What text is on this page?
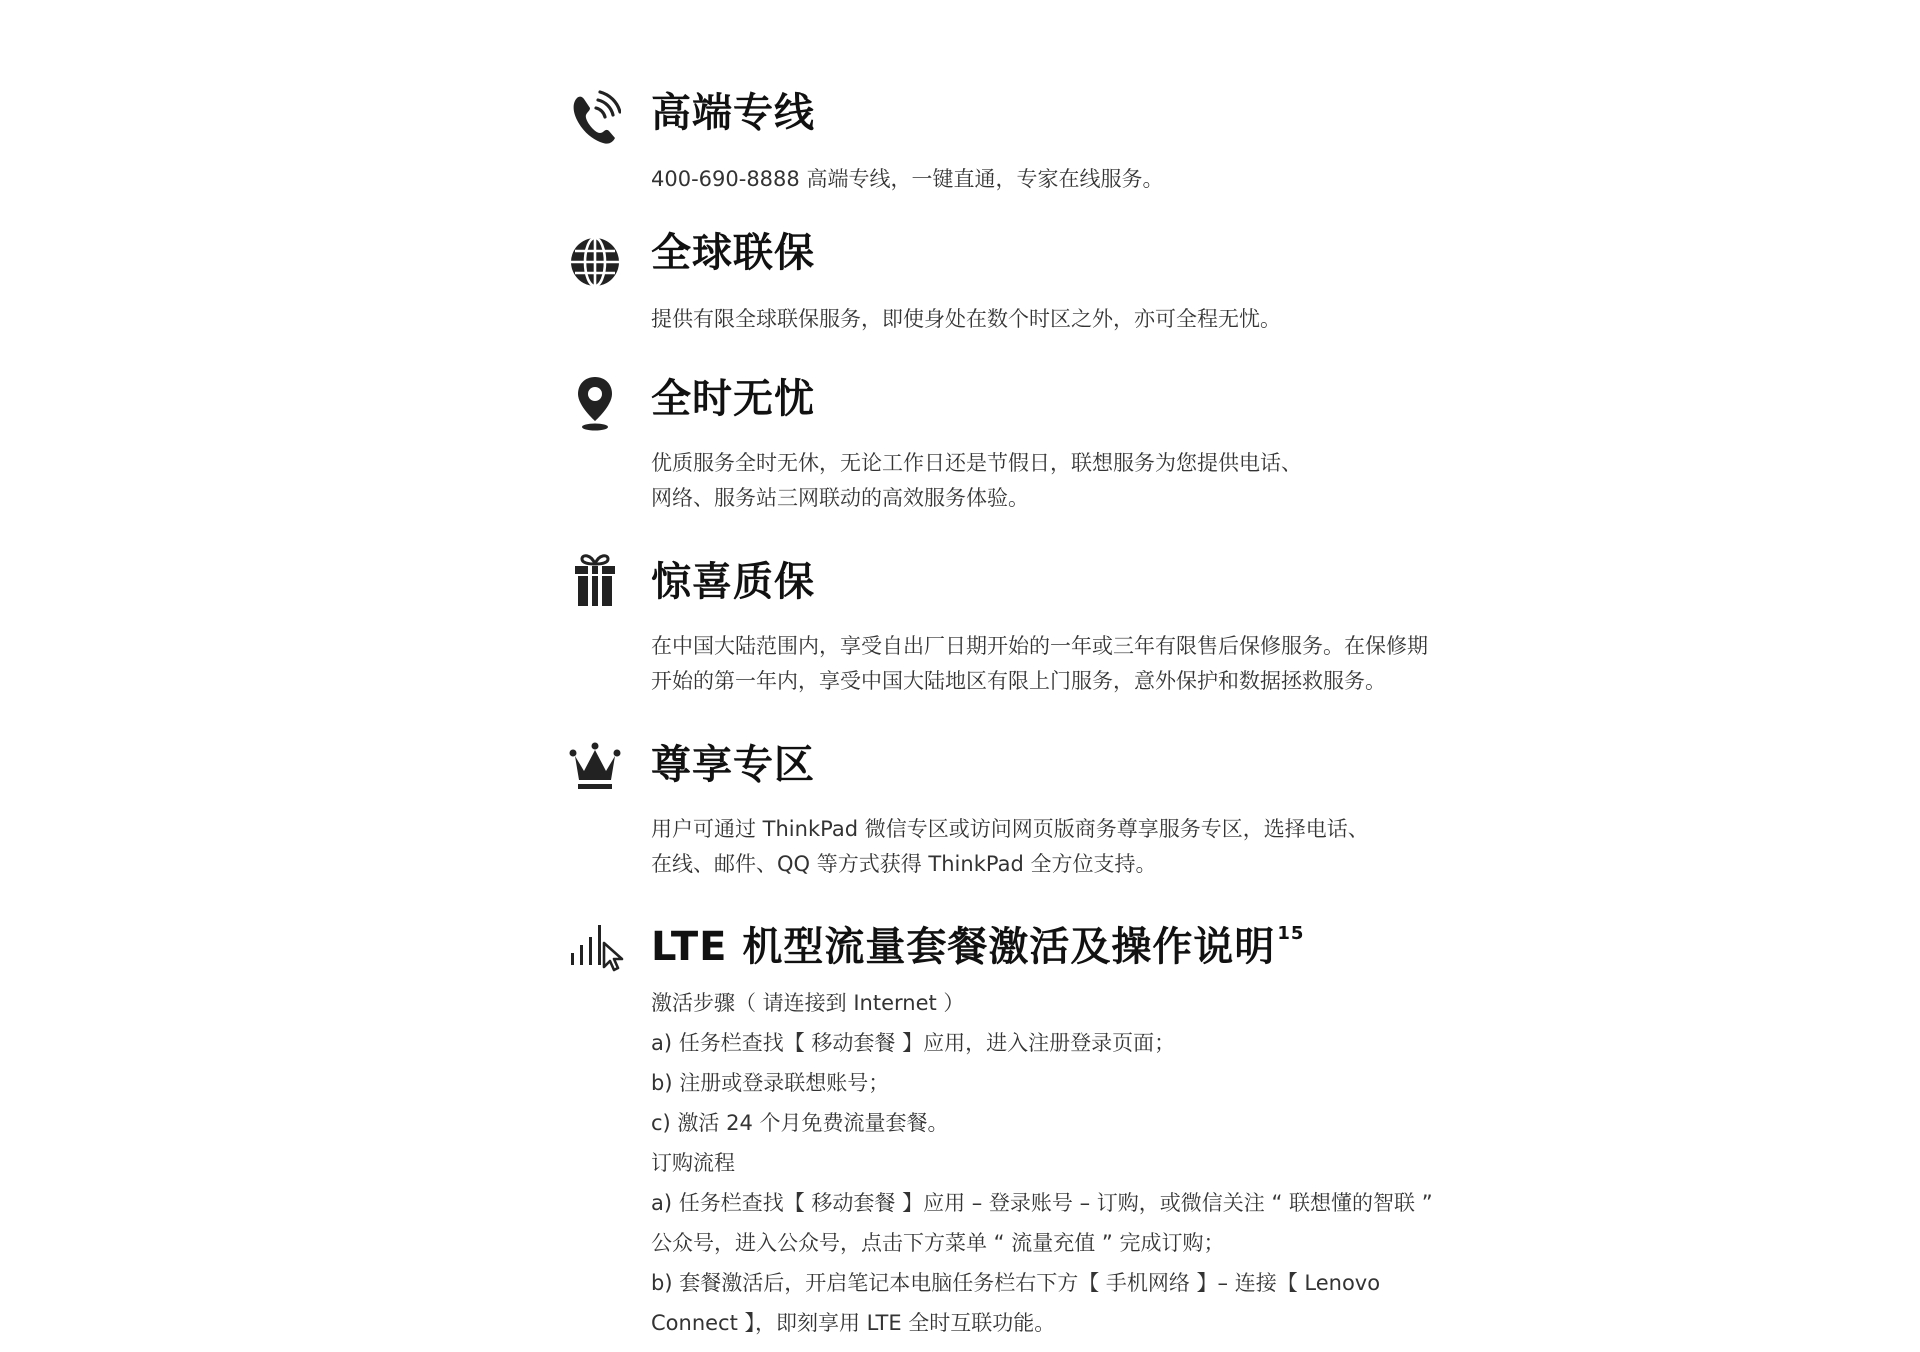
高端专线
400-690-8888 高端专线，一键直通，专家在线服务。
全球联保
提供有限全球联保服务，即使身处在数个时区之外，亦可全程无忧。
全时无忧
优质服务全时无休，无论工作日还是节假日，联想服务为您提供电话、
网络、服务站三网联动的高效服务体验。
惊喜质保
在中国大陆范围内，享受自出厂日期开始的一年或三年有限售后保修服务。在保修期
开始的第一年内，享受中国大陆地区有限上门服务，意外保护和数据拯救服务。
尊享专区
用户可通过 ThinkPad 微信专区或访问网页版商务尊享服务专区，选择电话、
在线、邮件、QQ 等方式获得 ThinkPad 全方位支持。
LTE 机型流量套餐激活及操作说明 $^{15}$
激活步骤（ 请连接到 Internet ）
a) 任务栏查找【 移动套餐 】应用，进入注册登录页面；
b) 注册或登录联想账号；
c) 激活 24 个月免费流量套餐。
订购流程
a) 任务栏查找【 移动套餐 】应用 – 登录账号 – 订购，或微信关注 “ 联想懂的智联 ”
公众号，进入公众号，点击下方菜单 “ 流量充值 ” 完成订购；
b) 套餐激活后，开启笔记本电脑任务栏右下方【 手机网络 】– 连接【 Lenovo
Connect 】，即刻享用 LTE 全时互联功能。
